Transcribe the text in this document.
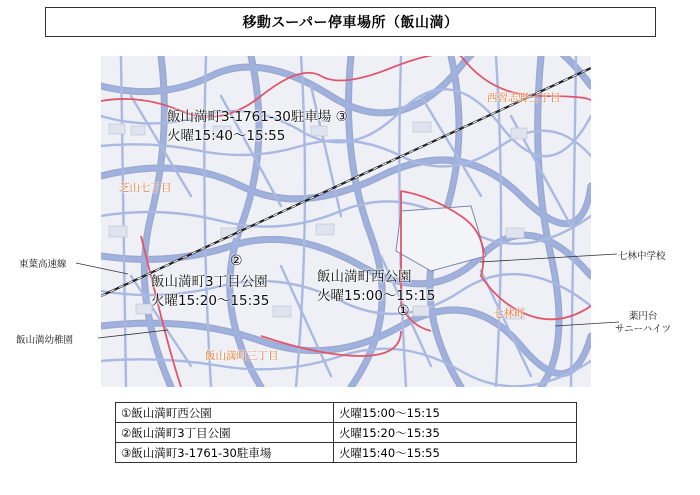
移動スーパー停車場所（飯山満）
西習志野三丁目
芝山七丁目
七林町
飯山満町三丁目
飯山満町3-1761-30駐車場 ③
火曜15:40～15:55
②
飯山満町3丁目公園
火曜15:20～15:35
飯山満町西公園
火曜15:00～15:15
①
東葉高速線
飯山満幼稚園
七林中学校
薬円台
サニーハイツ
①飯山満町西公園	火曜15:00～15:15
②飯山満町3丁目公園	火曜15:20～15:35
③飯山満町3-1761-30駐車場	火曜15:40～15:55
